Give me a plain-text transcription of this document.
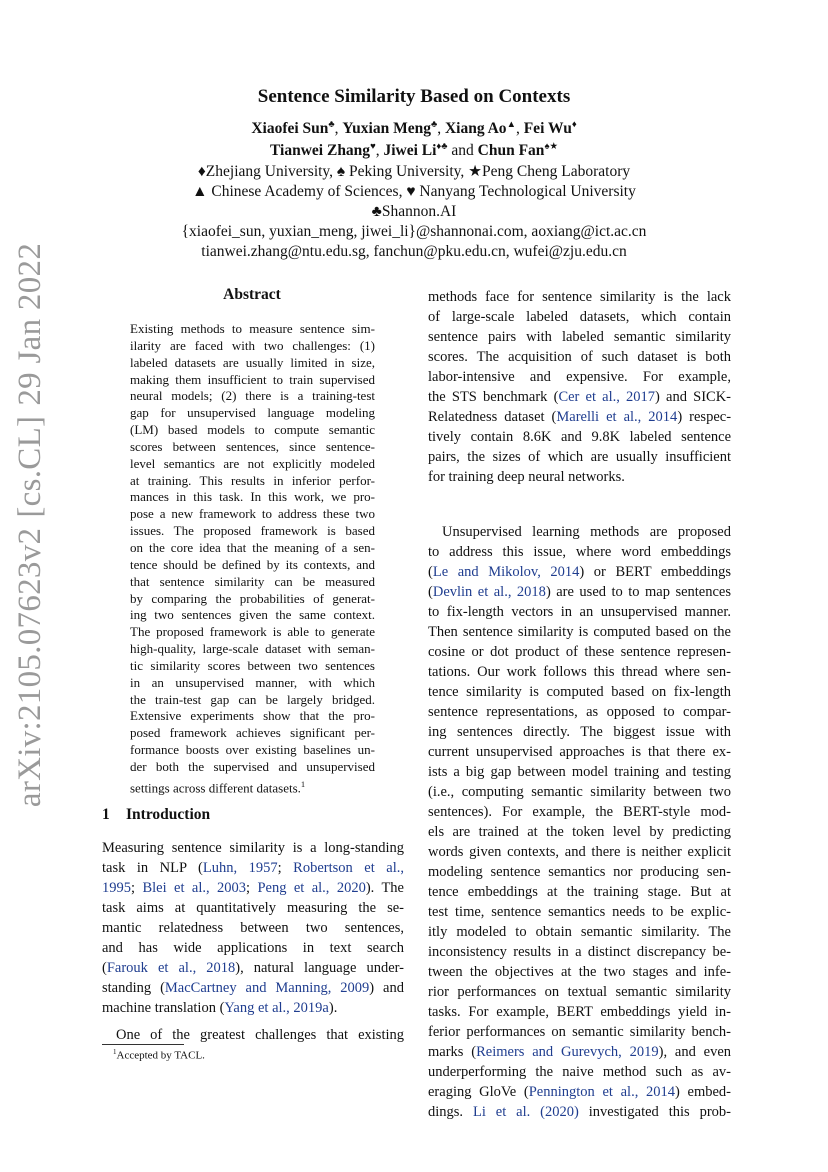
arXiv:2105.07623v2
[cs.CL]
29 Jan 2022
Sentence Similarity Based on Contexts
Xiaofei Sun♣, Yuxian Meng♣, Xiang Ao▲, Fei Wu♦
Tianwei Zhang♥, Jiwei Li♦♣ and Chun Fan♠★
♦Zhejiang University, ♠ Peking University, ★Peng Cheng Laboratory
▲ Chinese Academy of Sciences, ♥ Nanyang Technological University
♣Shannon.AI
{xiaofei_sun, yuxian_meng, jiwei_li}@shannonai.com, aoxiang@ict.ac.cn
tianwei.zhang@ntu.edu.sg, fanchun@pku.edu.cn, wufei@zju.edu.cn
Abstract
Existing methods to measure sentence sim-
ilarity are faced with two challenges: (1)
labeled datasets are usually limited in size,
making them insufficient to train supervised
neural models; (2) there is a training-test
gap for unsupervised language modeling
(LM) based models to compute semantic
scores between sentences, since sentence-
level semantics are not explicitly modeled
at training. This results in inferior perfor-
mances in this task. In this work, we pro-
pose a new framework to address these two
issues. The proposed framework is based
on the core idea that the meaning of a sen-
tence should be defined by its contexts, and
that sentence similarity can be measured
by comparing the probabilities of generat-
ing two sentences given the same context.
The proposed framework is able to generate
high-quality, large-scale dataset with seman-
tic similarity scores between two sentences
in an unsupervised manner, with which
the train-test gap can be largely bridged.
Extensive experiments show that the pro-
posed framework achieves significant per-
formance boosts over existing baselines un-
der both the supervised and unsupervised
settings across different datasets.$^1$
1 Introduction
Measuring sentence similarity is a long-standing
task in NLP (Luhn, 1957; Robertson et al.,
1995; Blei et al., 2003; Peng et al., 2020). The
task aims at quantitatively measuring the se-
mantic relatedness between two sentences,
and has wide applications in text search
(Farouk et al., 2018), natural language under-
standing (MacCartney and Manning, 2009) and
machine translation (Yang et al., 2019a).
One of the greatest challenges that existing
methods face for sentence similarity is the lack
of large-scale labeled datasets, which contain
sentence pairs with labeled semantic similarity
scores. The acquisition of such dataset is both
labor-intensive and expensive. For example,
the STS benchmark (Cer et al., 2017) and SICK-
Relatedness dataset (Marelli et al., 2014) respec-
tively contain 8.6K and 9.8K labeled sentence
pairs, the sizes of which are usually insufficient
for training deep neural networks.
Unsupervised learning methods are proposed
to address this issue, where word embeddings
(Le and Mikolov, 2014) or BERT embeddings
(Devlin et al., 2018) are used to to map sentences
to fix-length vectors in an unsupervised manner.
Then sentence similarity is computed based on the
cosine or dot product of these sentence represen-
tations. Our work follows this thread where sen-
tence similarity is computed based on fix-length
sentence representations, as opposed to compar-
ing sentences directly. The biggest issue with
current unsupervised approaches is that there ex-
ists a big gap between model training and testing
(i.e., computing semantic similarity between two
sentences). For example, the BERT-style mod-
els are trained at the token level by predicting
words given contexts, and there is neither explicit
modeling sentence semantics nor producing sen-
tence embeddings at the training stage. But at
test time, sentence semantics needs to be explic-
itly modeled to obtain semantic similarity. The
inconsistency results in a distinct discrepancy be-
tween the objectives at the two stages and infe-
rior performances on textual semantic similarity
tasks. For example, BERT embeddings yield in-
ferior performances on semantic similarity bench-
marks (Reimers and Gurevych, 2019), and even
underperforming the naive method such as av-
eraging GloVe (Pennington et al., 2014) embed-
dings. Li et al. (2020) investigated this prob-
$^1$Accepted by TACL.
